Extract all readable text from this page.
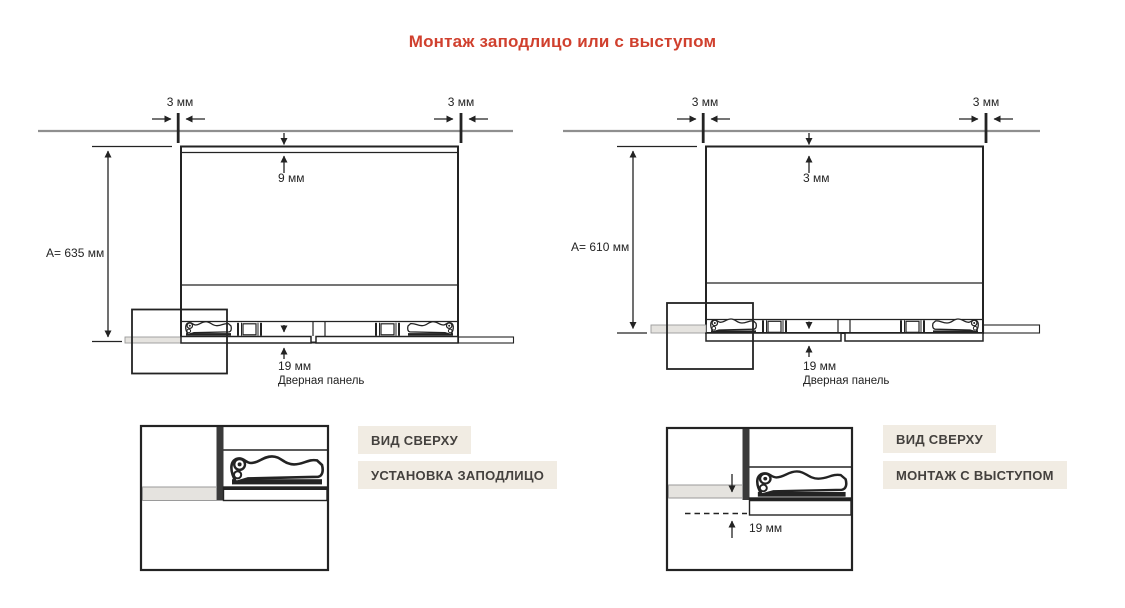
Монтаж заподлицо или с выступом
3 мм	3 мм
9 мм
A= 635 мм
19 мм
Дверная панель
3 мм	3 мм
3 мм
A= 610 мм
19 мм
Дверная панель
19 мм
ВИД СВЕРХУ
УСТАНОВКА ЗАПОДЛИЦО
ВИД СВЕРХУ
МОНТАЖ С ВЫСТУПОМ
